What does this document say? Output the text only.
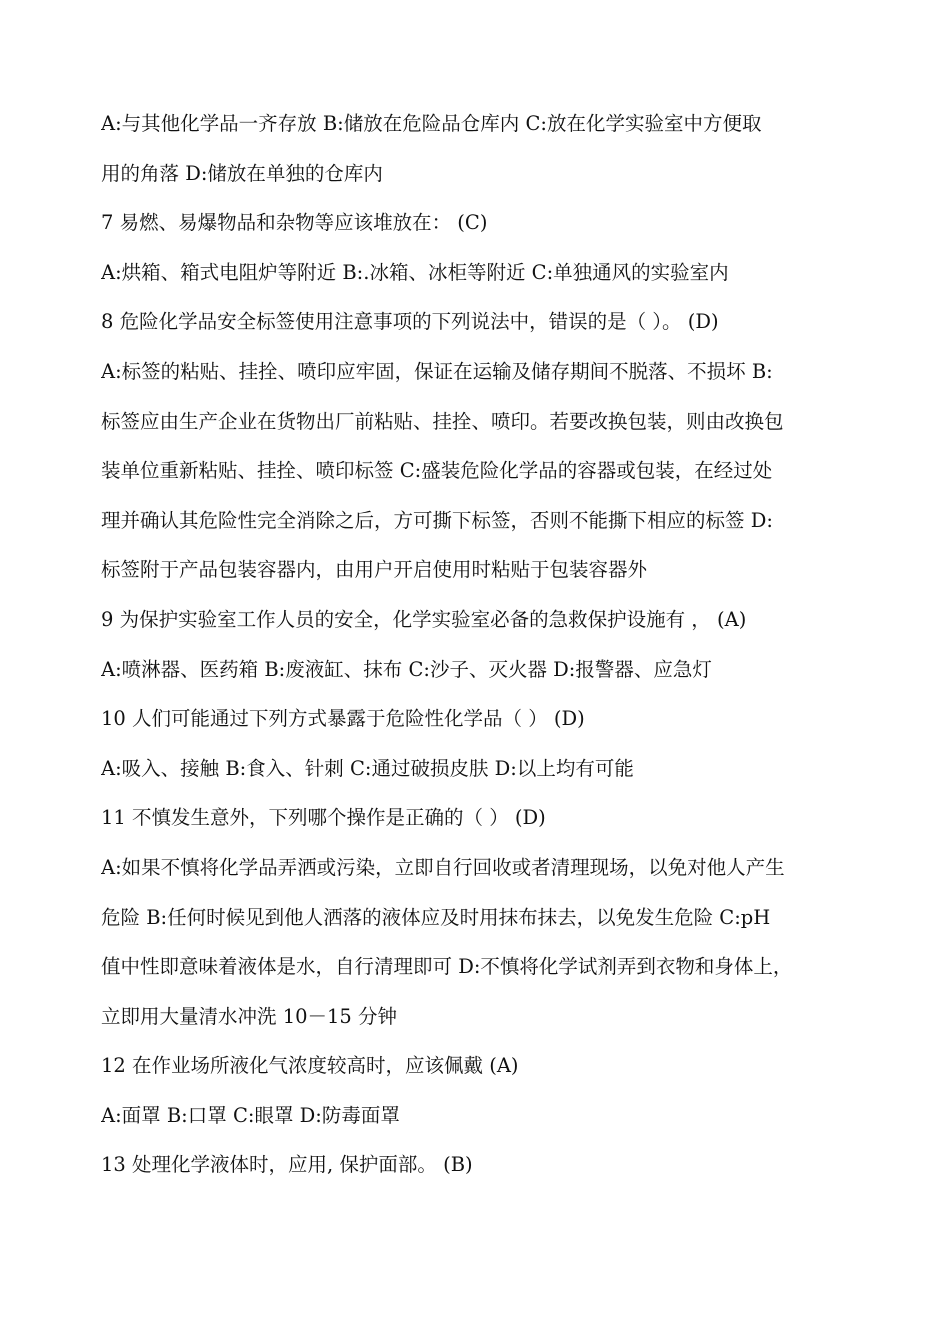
A:与其他化学品一齐存放 B:储放在危险品仓库内 C:放在化学实验室中方便取
用的角落 D:储放在单独的仓库内
7 易燃、易爆物品和杂物等应该堆放在： (C)
A:烘箱、箱式电阻炉等附近 B:.冰箱、冰柜等附近 C:单独通风的实验室内
8 危险化学品安全标签使用注意事项的下列说法中，错误的是（ ）。 (D)
A:标签的粘贴、挂拴、喷印应牢固，保证在运输及储存期间不脱落、不损坏 B:
标签应由生产企业在货物出厂前粘贴、挂拴、喷印。若要改换包装，则由改换包
装单位重新粘贴、挂拴、喷印标签 C:盛装危险化学品的容器或包装，在经过处
理并确认其危险性完全消除之后，方可撕下标签，否则不能撕下相应的标签 D:
标签附于产品包装容器内，由用户开启使用时粘贴于包装容器外
9 为保护实验室工作人员的安全，化学实验室必备的急救保护设施有 ， (A)
A:喷淋器、医药箱 B:废液缸、抹布 C:沙子、灭火器 D:报警器、应急灯
10 人们可能通过下列方式暴露于危险性化学品（ ） (D)
A:吸入、接触 B:食入、针刺 C:通过破损皮肤 D:以上均有可能
11 不慎发生意外，下列哪个操作是正确的（ ） (D)
A:如果不慎将化学品弄洒或污染，立即自行回收或者清理现场，以免对他人产生
危险 B:任何时候见到他人洒落的液体应及时用抹布抹去，以免发生危险 C:pH
值中性即意味着液体是水，自行清理即可 D:不慎将化学试剂弄到衣物和身体上，
立即用大量清水冲洗 10－15 分钟
12 在作业场所液化气浓度较高时，应该佩戴 (A)
A:面罩 B:口罩 C:眼罩 D:防毒面罩
13 处理化学液体时，应用, 保护面部。 (B)
